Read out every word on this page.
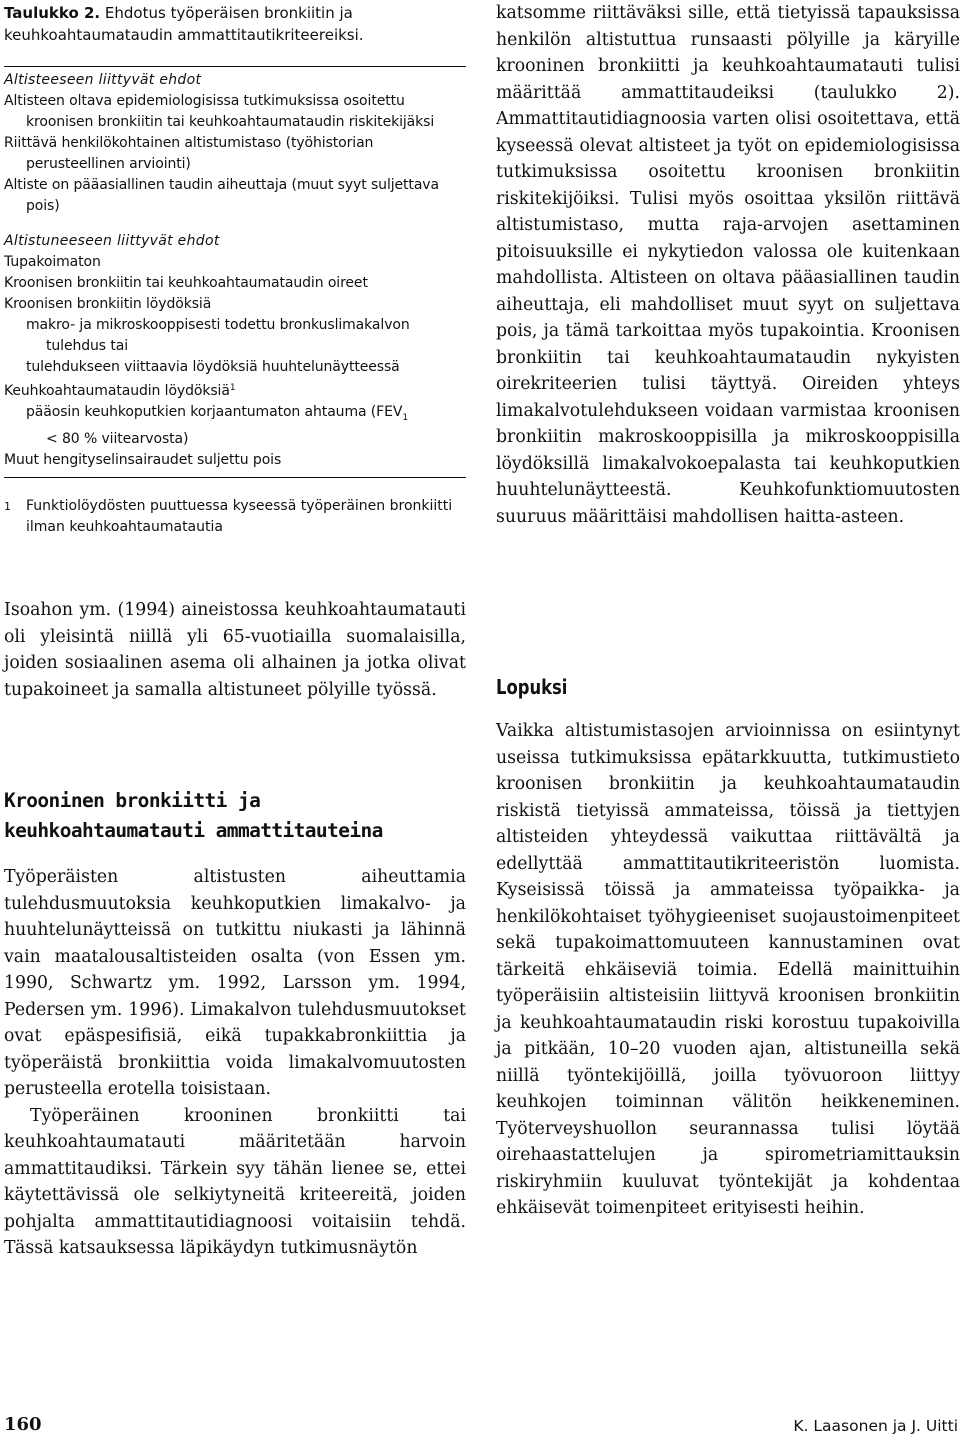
Taulukko 2. Ehdotus työperäisen bronkiitin ja keuhkoahtaumataudin ammattitautikriteereiksi.
Altisteeseen liittyvät ehdot
Altisteen oltava epidemiologisissa tutkimuksissa osoitettu kroonisen bronkiitin tai keuhkoahtaumataudin riskitekijäksi
Riittävä henkilökohtainen altistumistaso (työhistorian perusteellinen arviointi)
Altiste on pääasiallinen taudin aiheuttaja (muut syyt suljettava pois)
Altistuneeseen liittyvät ehdot
Tupakoimaton
Kroonisen bronkiitin tai keuhkoahtaumataudin oireet
Kroonisen bronkiitin löydöksiä
makro- ja mikroskooppisesti todettu bronkuslimakalvon tulehdus tai
tulehdukseen viittaavia löydöksiä huuhtelunäytteessä
Keuhkoahtaumataudin löydöksiä$^1$
pääosin keuhkoputkien korjaantumaton ahtauma ($FEV_1$
< 80 % viitearvosta)
Muut hengityselinsairaudet suljettu pois
1	Funktiolöydösten puuttuessa kyseessä työperäinen bronkiitti ilman keuhkoahtaumatautia

Isoahon ym. (1994) aineistossa keuhkoahtaumatauti oli yleisintä niillä yli 65-vuotiailla suomalaisilla, joiden sosiaalinen asema oli alhainen ja jotka olivat tupakoineet ja samalla altistuneet pölyille työssä.

Krooninen bronkiitti ja
keuhkoahtaumatauti ammattitauteina

Työperäisten altistusten aiheuttamia tulehdusmuutoksia keuhkoputkien limakalvo- ja huuhtelunäytteissä on tutkittu niukasti ja lähinnä vain maatalousaltisteiden osalta (von Essen ym. 1990, Schwartz ym. 1992, Larsson ym. 1994, Pedersen ym. 1996). Limakalvon tulehdusmuutokset ovat epäspesifisiä, eikä tupakkabronkiittia ja työperäistä bronkiittia voida limakalvomuutosten perusteella erotella toisistaan.

Työperäinen krooninen bronkiitti tai keuhkoahtaumatauti määritetään harvoin ammattitaudiksi. Tärkein syy tähän lienee se, ettei käytettävissä ole selkiytyneitä kriteereitä, joiden pohjalta ammattitautidiagnoosi voitaisiin tehdä. Tässä katsauksessa läpikäydyn tutkimusnäytön

katsomme riittäväksi sille, että tietyissä tapauksissa henkilön altistuttua runsaasti pölyille ja käryille krooninen bronkiitti ja keuhkoahtaumatauti tulisi määrittää ammattitaudeiksi (taulukko 2). Ammattitautidiagnoosia varten olisi osoitettava, että kyseessä olevat altisteet ja työt on epidemiologisissa tutkimuksissa osoitettu kroonisen bronkiitin riskitekijöiksi. Tulisi myös osoittaa yksilön riittävä altistumistaso, mutta raja-arvojen asettaminen pitoisuuksille ei nykytiedon valossa ole kuitenkaan mahdollista. Altisteen on oltava pääasiallinen taudin aiheuttaja, eli mahdolliset muut syyt on suljettava pois, ja tämä tarkoittaa myös tupakointia. Kroonisen bronkiitin tai keuhkoahtaumataudin nykyisten oirekriteerien tulisi täyttyä. Oireiden yhteys limakalvotulehdukseen voidaan varmistaa kroonisen bronkiitin makroskooppisilla ja mikroskooppisilla löydöksillä limakalvokoepalasta tai keuhkoputkien huuhtelunäytteestä. Keuhkofunktiomuutosten suuruus määrittäisi mahdollisen haitta-asteen.

Lopuksi

Vaikka altistumistasojen arvioinnissa on esiintynyt useissa tutkimuksissa epätarkkuutta, tutkimustieto kroonisen bronkiitin ja keuhkoahtaumataudin riskistä tietyissä ammateissa, töissä ja tiettyjen altisteiden yhteydessä vaikuttaa riittävältä ja edellyttää ammattitautikriteeristön luomista. Kyseisissä töissä ja ammateissa työpaikka- ja henkilökohtaiset työhygieeniset suojaustoimenpiteet sekä tupakoimattomuuteen kannustaminen ovat tärkeitä ehkäiseviä toimia. Edellä mainittuihin työperäisiin altisteisiin liittyvä kroonisen bronkiitin ja keuhkoahtaumataudin riski korostuu tupakoivilla ja pitkään, 10–20 vuoden ajan, altistuneilla sekä niillä työntekijöillä, joilla työvuoroon liittyy keuhkojen toiminnan välitön heikkeneminen. Työterveyshuollon seurannassa tulisi löytää oirehaastattelujen ja spirometriamittauksin riskiryhmiin kuuluvat työntekijät ja kohdentaa ehkäisevät toimenpiteet erityisesti heihin.

160	K. Laasonen ja J. Uitti
